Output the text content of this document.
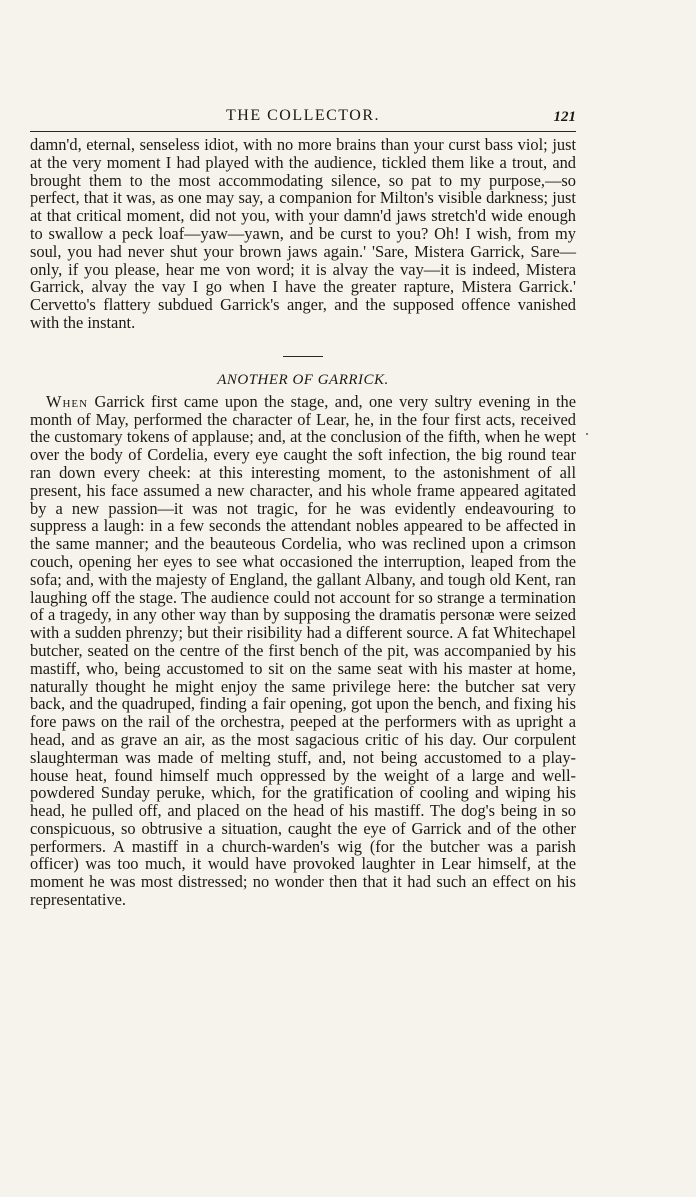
THE COLLECTOR.	121

damn'd, eternal, senseless idiot, with no more brains than your curst bass viol; just at the very moment I had played with the audience, tickled them like a trout, and brought them to the most accommodating silence, so pat to my purpose,—so perfect, that it was, as one may say, a companion for Milton's visible darkness; just at that critical moment, did not you, with your damn'd jaws stretch'd wide enough to swallow a peck loaf—yaw—yawn, and be curst to you? Oh! I wish, from my soul, you had never shut your brown jaws again.' 'Sare, Mistera Garrick, Sare—only, if you please, hear me von word; it is alvay the vay—it is indeed, Mistera Garrick, alvay the vay I go when I have the greater rapture, Mistera Garrick.' Cervetto's flattery subdued Garrick's anger, and the supposed offence vanished with the instant.

ANOTHER OF GARRICK.

When Garrick first came upon the stage, and, one very sultry evening in the month of May, performed the character of Lear, he, in the four first acts, received the customary tokens of applause; and, at the conclusion of the fifth, when he wept over the body of Cordelia, every eye caught the soft infection, the big round tear ran down every cheek: at this interesting moment, to the astonishment of all present, his face assumed a new character, and his whole frame appeared agitated by a new passion—it was not tragic, for he was evidently endeavouring to suppress a laugh: in a few seconds the attendant nobles appeared to be affected in the same manner; and the beauteous Cordelia, who was reclined upon a crimson couch, opening her eyes to see what occasioned the interruption, leaped from the sofa; and, with the majesty of England, the gallant Albany, and tough old Kent, ran laughing off the stage. The audience could not account for so strange a termination of a tragedy, in any other way than by supposing the dramatis personæ were seized with a sudden phrenzy; but their risibility had a different source. A fat Whitechapel butcher, seated on the centre of the first bench of the pit, was accompanied by his mastiff, who, being accustomed to sit on the same seat with his master at home, naturally thought he might enjoy the same privilege here: the butcher sat very back, and the quadruped, finding a fair opening, got upon the bench, and fixing his fore paws on the rail of the orchestra, peeped at the performers with as upright a head, and as grave an air, as the most sagacious critic of his day. Our corpulent slaughterman was made of melting stuff, and, not being accustomed to a play-house heat, found himself much oppressed by the weight of a large and well-powdered Sunday peruke, which, for the gratification of cooling and wiping his head, he pulled off, and placed on the head of his mastiff. The dog's being in so conspicuous, so obtrusive a situation, caught the eye of Garrick and of the other performers. A mastiff in a church-warden's wig (for the butcher was a parish officer) was too much, it would have provoked laughter in Lear himself, at the moment he was most distressed; no wonder then that it had such an effect on his representative.
